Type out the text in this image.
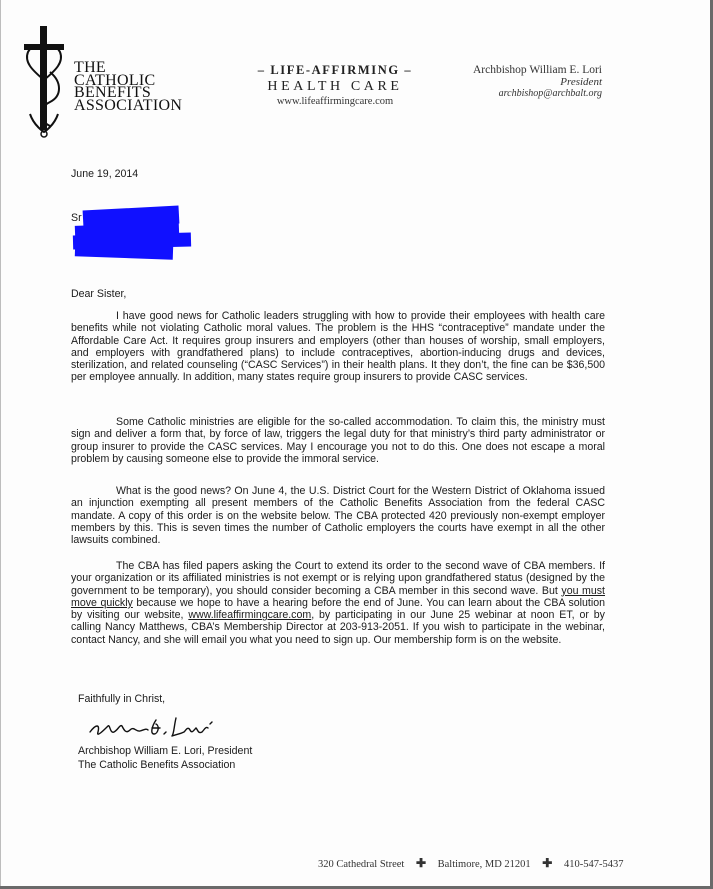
THE
CATHOLIC
BENEFITS
ASSOCIATION
– LIFE-AFFIRMING –
HEALTH CARE
www.lifeaffirmingcare.com
Archbishop William E. Lori
President
archbishop@archbalt.org
June 19, 2014
Sr
Dear Sister,
I have good news for Catholic leaders struggling with how to provide their employees with health care benefits while not violating Catholic moral values. The problem is the HHS “contraceptive” mandate under the Affordable Care Act. It requires group insurers and employers (other than houses of worship, small employers, and employers with grandfathered plans) to include contraceptives, abortion-inducing drugs and devices, sterilization, and related counseling (“CASC Services”) in their health plans. It they don’t, the fine can be $36,500 per employee annually. In addition, many states require group insurers to provide CASC services.
Some Catholic ministries are eligible for the so-called accommodation. To claim this, the ministry must sign and deliver a form that, by force of law, triggers the legal duty for that ministry’s third party administrator or group insurer to provide the CASC services. May I encourage you not to do this. One does not escape a moral problem by causing someone else to provide the immoral service.
What is the good news? On June 4, the U.S. District Court for the Western District of Oklahoma issued an injunction exempting all present members of the Catholic Benefits Association from the federal CASC mandate. A copy of this order is on the website below. The CBA protected 420 previously non-exempt employer members by this. This is seven times the number of Catholic employers the courts have exempt in all the other lawsuits combined.
The CBA has filed papers asking the Court to extend its order to the second wave of CBA members. If your organization or its affiliated ministries is not exempt or is relying upon grandfathered status (designed by the government to be temporary), you should consider becoming a CBA member in this second wave. But you must move quickly because we hope to have a hearing before the end of June. You can learn about the CBA solution by visiting our website, www.lifeaffirmingcare.com, by participating in our June 25 webinar at noon ET, or by calling Nancy Matthews, CBA’s Membership Director at 203-913-2051. If you wish to participate in the webinar, contact Nancy, and she will email you what you need to sign up. Our membership form is on the website.
Faithfully in Christ,
Archbishop William E. Lori, President
The Catholic Benefits Association
320 Cathedral Street ✚ Baltimore, MD 21201 ✚ 410-547-5437
